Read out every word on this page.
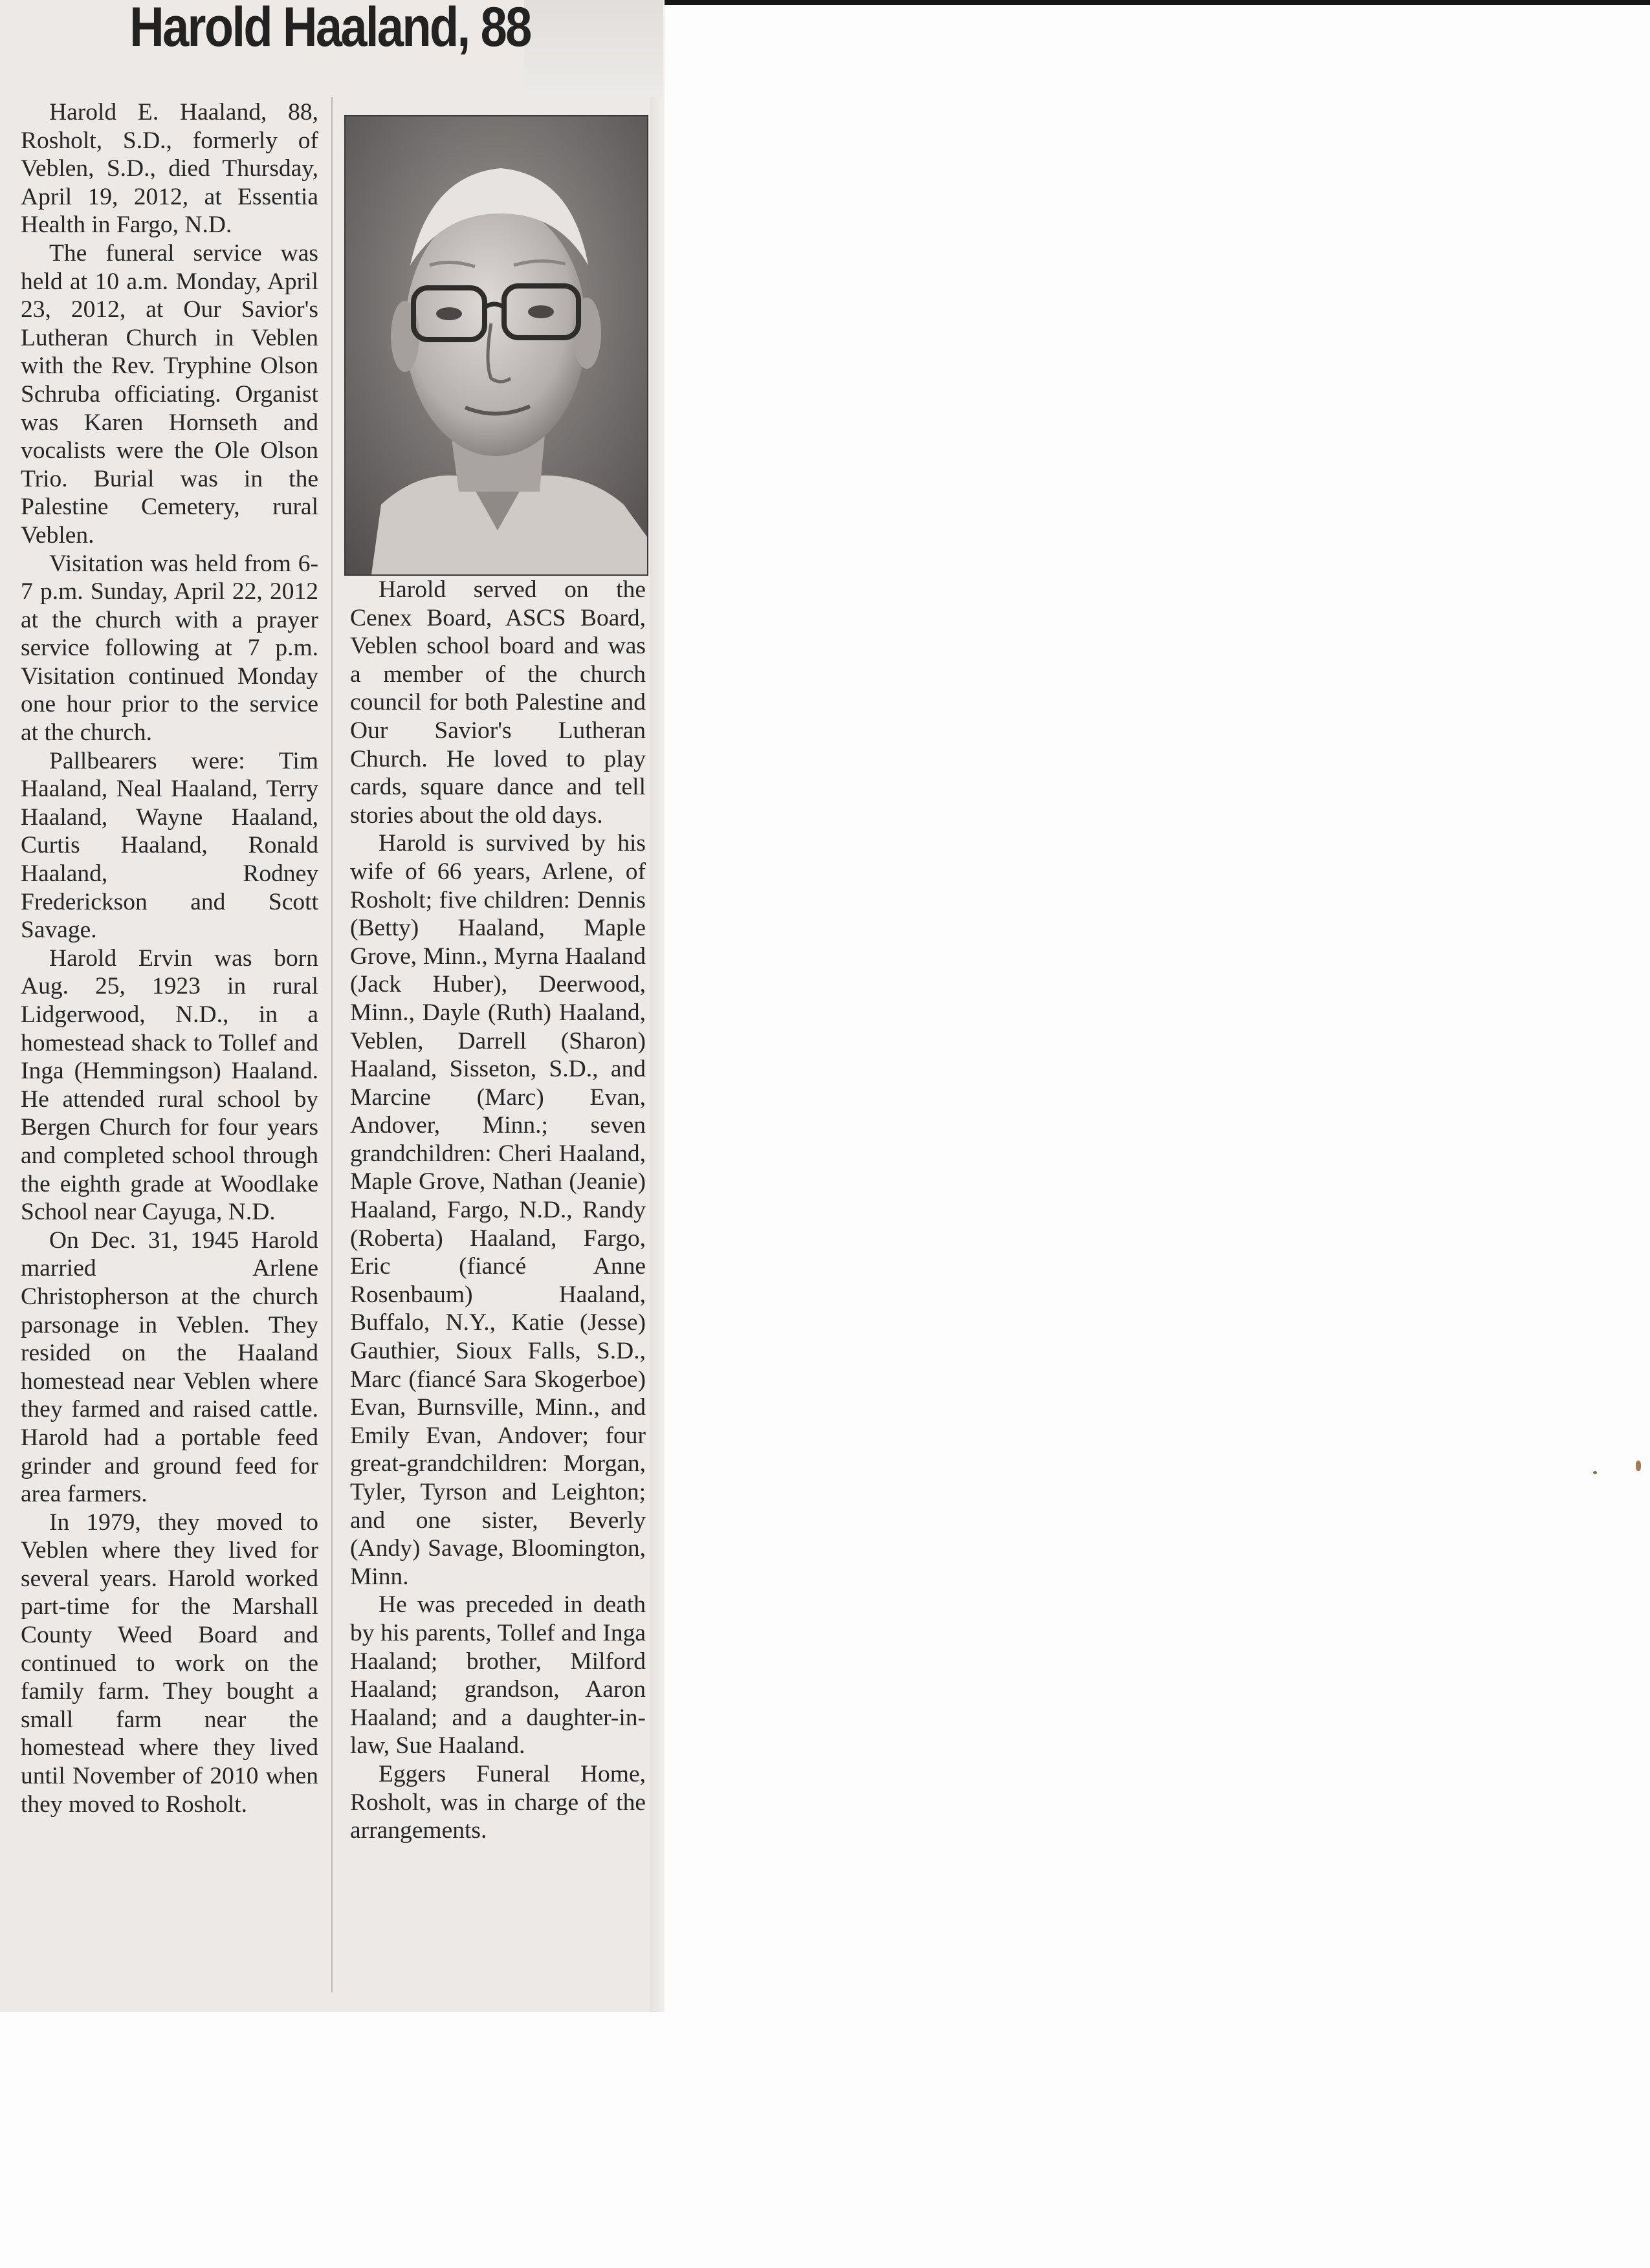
Harold Haaland, 88

Harold E. Haaland, 88, Rosholt, S.D., formerly of Veblen, S.D., died Thursday, April 19, 2012, at Essentia Health in Fargo, N.D.

The funeral service was held at 10 a.m. Monday, April 23, 2012, at Our Savior's Lutheran Church in Veblen with the Rev. Tryphine Olson Schruba officiating. Organist was Karen Hornseth and vocalists were the Ole Olson Trio. Burial was in the Palestine Cemetery, rural Veblen.

Visitation was held from 6-7 p.m. Sunday, April 22, 2012 at the church with a prayer service following at 7 p.m. Visitation continued Monday one hour prior to the service at the church.

Pallbearers were: Tim Haaland, Neal Haaland, Terry Haaland, Wayne Haaland, Curtis Haaland, Ronald Haaland, Rodney Frederickson and Scott Savage.

Harold Ervin was born Aug. 25, 1923 in rural Lidgerwood, N.D., in a homestead shack to Tollef and Inga (Hemmingson) Haaland. He attended rural school by Bergen Church for four years and completed school through the eighth grade at Woodlake School near Cayuga, N.D.

On Dec. 31, 1945 Harold married Arlene Christopherson at the church parsonage in Veblen. They resided on the Haaland homestead near Veblen where they farmed and raised cattle. Harold had a portable feed grinder and ground feed for area farmers.

In 1979, they moved to Veblen where they lived for several years. Harold worked part-time for the Marshall County Weed Board and continued to work on the family farm. They bought a small farm near the homestead where they lived until November of 2010 when they moved to Rosholt.

Harold served on the Cenex Board, ASCS Board, Veblen school board and was a member of the church council for both Palestine and Our Savior's Lutheran Church. He loved to play cards, square dance and tell stories about the old days.

Harold is survived by his wife of 66 years, Arlene, of Rosholt; five children: Dennis (Betty) Haaland, Maple Grove, Minn., Myrna Haaland (Jack Huber), Deerwood, Minn., Dayle (Ruth) Haaland, Veblen, Darrell (Sharon) Haaland, Sisseton, S.D., and Marcine (Marc) Evan, Andover, Minn.; seven grandchildren: Cheri Haaland, Maple Grove, Nathan (Jeanie) Haaland, Fargo, N.D., Randy (Roberta) Haaland, Fargo, Eric (fiancé Anne Rosenbaum) Haaland, Buffalo, N.Y., Katie (Jesse) Gauthier, Sioux Falls, S.D., Marc (fiancé Sara Skogerboe) Evan, Burnsville, Minn., and Emily Evan, Andover; four great-grandchildren: Morgan, Tyler, Tyrson and Leighton; and one sister, Beverly (Andy) Savage, Bloomington, Minn.

He was preceded in death by his parents, Tollef and Inga Haaland; brother, Milford Haaland; grandson, Aaron Haaland; and a daughter-in-law, Sue Haaland.

Eggers Funeral Home, Rosholt, was in charge of the arrangements.
